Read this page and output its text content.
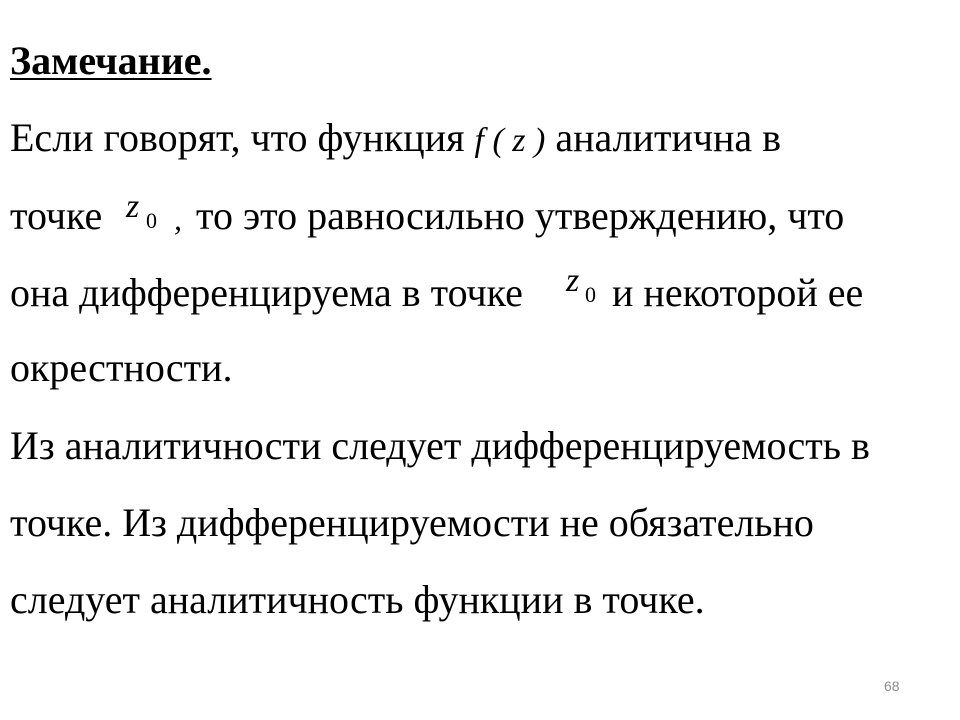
Замечание.
Если говорят, что функция f ( z ) аналитична в
точке z 0 , то это равносильно утверждению, что
она дифференцируема в точке z 0 и некоторой ее
окрестности.
Из аналитичности следует дифференцируемость в
точке. Из дифференцируемости не обязательно
следует аналитичность функции в точке.
68
